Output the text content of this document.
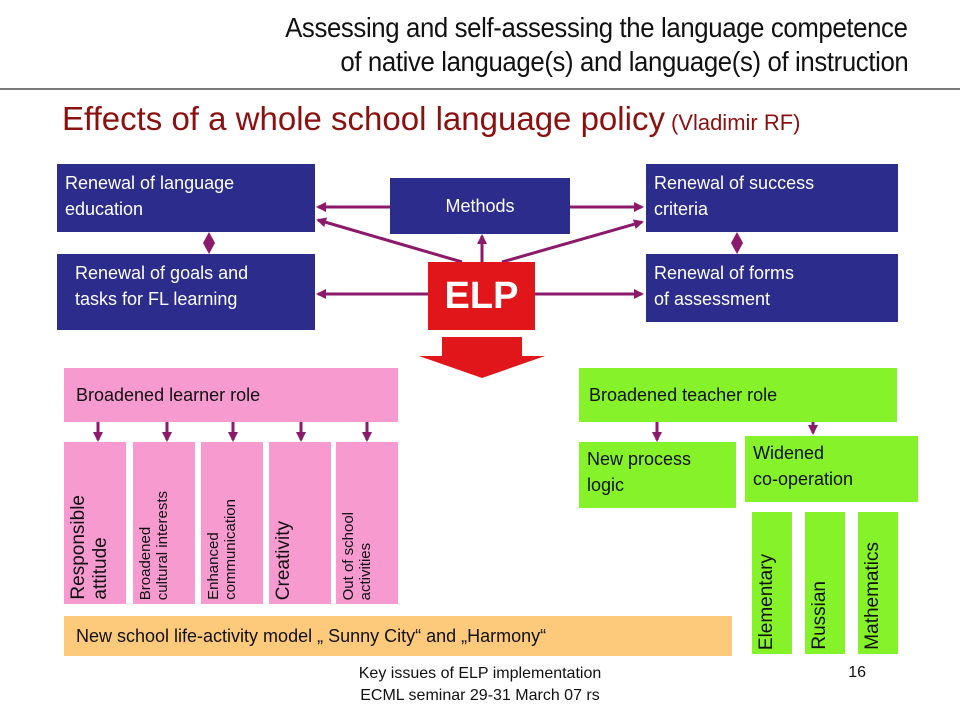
Assessing and self-assessing the language competence
of native language(s) and language(s) of instruction
Effects of a whole school language policy (Vladimir RF)
Renewal of language
education	Methods
Renewal of success
criteria
Renewal of goals and
tasks for FL learning	ELP
Renewal of forms
of assessment
Broadened learner role
Responsible
attitude Broadened
cultural interests
Enhanced
communication Creativity	Out of school
activities
Broadened teacher role
New process
logic
Widened
co-operation
Elementary Russian Mathematics
New school life-activity model „ Sunny City“ and „Harmony“
Key issues of ELP implementation
ECML seminar 29-31 March 07 rs
16
